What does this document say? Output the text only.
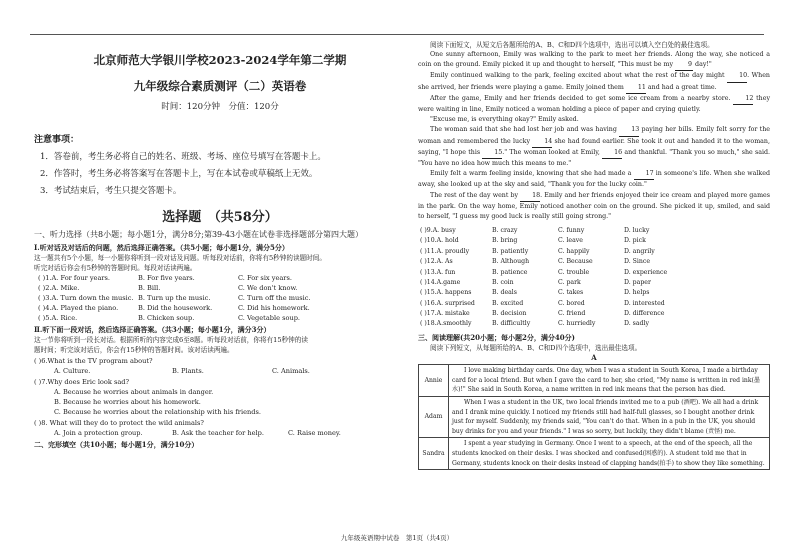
北京师范大学银川学校2023-2024学年第二学期
九年级综合素质测评（二）英语卷
时间：120分钟　分值：120分
注意事项：
1．答卷前，考生务必将自己的姓名、班级、考场、座位号填写在答题卡上。
2．作答时，考生务必将答案写在答题卡上，写在本试卷或草稿纸上无效。
3．考试结束后，考生只提交答题卡。
选择题　（共58分）
一、听力选择（共8小题；每小题1分，满分8分;第39-43小题在试卷非选择题部分第四大题）
Ⅰ.听对话及对话后的问题，然后选择正确答案。（共5小题；每小题1分，满分5分）
这一题共有5个小题，每一小题你将听到一段对话及问题。听每段对话前，你将有5秒钟的读题时间。
听完对话后你会有5秒钟的答题时间。每段对话读两遍。
( )1.A. For four years.	B. For five years.	C. For six years.
( )2.A. Mike.	B. Bill.	C. We don't know.
( )3.A. Turn down the music. B. Turn up the music.	C. Turn off the music.
( )4.A. Played the piano.	B. Did the housework.	C. Did his homework.
( )5.A. Rice.	B. Chicken soup.	C. Vegetable soup.
Ⅱ.听下面一段对话，然后选择正确答案。（共3小题；每小题1分，满分3分）
这一节你将听到一段长对话。根据所听的内容完成6至8题。听每段对话前，你将有15秒钟的读
题时间；听完该对话后，你会有15秒钟的答题时间。该对话读两遍。
( )6.What is the TV program about?
A. Culture.	B. Plants.	C. Animals.
( )7.Why does Eric look sad?
A. Because he worries about animals in danger.
B. Because he worries about his homework.
C. Because he worries about the relationship with his friends.
( )8. What will they do to protect the wild animals?
A. Join a protection group.	B. Ask the teacher for help.	C. Raise money.
二、完形填空（共10小题；每小题1分，满分10分）
阅读下面短文，从短文后各题所给的A、B、C和D四个选项中，选出可以填入空白处的最佳选项。

One sunny afternoon, Emily was walking to the park to meet her friends. Along the way, she noticed a coin on the ground. Emily picked it up and thought to herself, "This must be my 9 day!"

Emily continued walking to the park, feeling excited about what the rest of the day might 10. When she arrived, her friends were playing a game. Emily joined them 11 and had a great time.

After the game, Emily and her friends decided to get some ice cream from a nearby store. 12 they were waiting in line, Emily noticed a woman holding a piece of paper and crying quietly.

"Excuse me, is everything okay?" Emily asked.

The woman said that she had lost her job and was having 13 paying her bills. Emily felt sorry for the woman and remembered the lucky 14 she had found earlier. She took it out and handed it to the woman, saying, "I hope this 15." The woman looked at Emily, 16 and thankful. "Thank you so much," she said. "You have no idea how much this means to me."

Emily felt a warm feeling inside, knowing that she had made a 17 in someone's life. When she walked away, she looked up at the sky and said, "Thank you for the lucky coin."

The rest of the day went by 18. Emily and her friends enjoyed their ice cream and played more games in the park. On the way home, Emily noticed another coin on the ground. She picked it up, smiled, and said to herself, "I guess my good luck is really still going strong."

( )9.A. busy	B. crazy	C. funny	D. lucky
( )10.A. hold	B. bring	C. leave	D. pick
( )11.A. proudly	B. patiently	C. happily	D. angrily
( )12.A. As	B. Although	C. Because	D. Since
( )13.A. fun	B. patience	C. trouble	D. experience
( )14.A.game	B. coin	C. park	D. paper
( )15.A. happens	B. deals	C. takes	D. helps
( )16.A. surprised	B. excited	C. bored	D. interested
( )17.A. mistake	B. decision	C. friend	D. difference
( )18.A.smoothly	B. difficultly	C. hurriedly	D. sadly
三、阅读理解(共20小题；每小题2分，满分40分)
阅读下列短文，从每题所给的A、B、C和D四个选项中，选出最佳选项。
A
Annie	I love making birthday cards. One day, when I was a student in South Korea, I made a birthday card for a local friend. But when I gave the card to her, she cried, "My name is written in red ink(墨水)!" She said in South Korea, a name written in red ink means that the person has died.
Adam	When I was a student in the UK, two local friends invited me to a pub (酒吧). We all had a drink and I drank mine quickly. I noticed my friends still had half-full glasses, so I bought another drink just for myself. Suddenly, my friends said, "You can't do that. When in a pub in the UK, you should buy drinks for you and your friends." I was so sorry, but luckily, they didn't blame (责怪) me.
Sandra	I spent a year studying in Germany. Once I went to a speech, at the end of the speech, all the students knocked on their desks. I was shocked and confused(困惑的). A student told me that in Germany, students knock on their desks instead of clapping hands(拍手) to show they like something.
九年级英语期中试卷　第1页（共4页）
